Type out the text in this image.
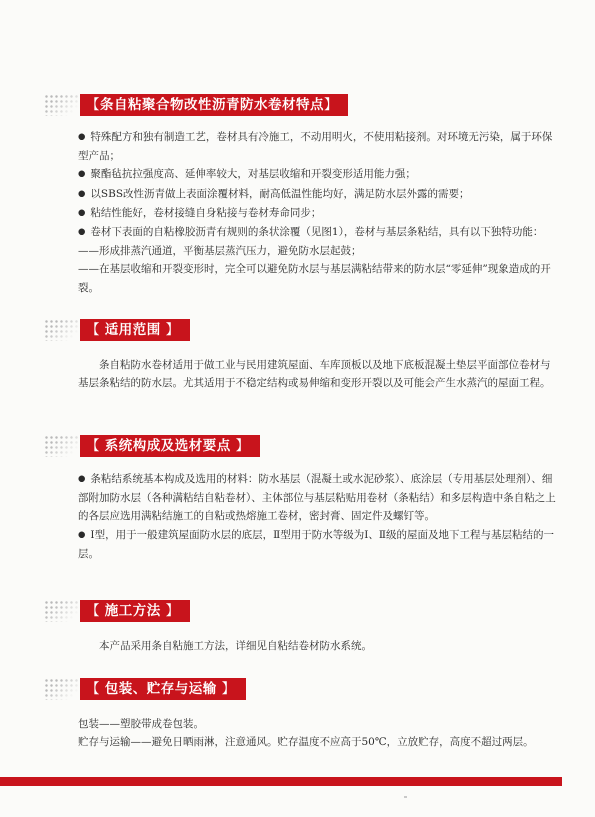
【条自粘聚合物改性沥青防水卷材特点】

● 特殊配方和独有制造工艺，卷材具有冷施工，不动用明火，不使用粘接剂。对环境无污染，属于环保型产品；

● 聚酯毡抗拉强度高、延伸率较大，对基层收缩和开裂变形适用能力强；

● 以SBS改性沥青做上表面涂覆材料，耐高低温性能均好，满足防水层外露的需要；

● 粘结性能好，卷材接缝自身粘接与卷材寿命同步；

● 卷材下表面的自粘橡胶沥青有规则的条状涂覆（见图1），卷材与基层条粘结，具有以下独特功能：

——形成排蒸汽通道，平衡基层蒸汽压力，避免防水层起鼓；

——在基层收缩和开裂变形时，完全可以避免防水层与基层满粘结带来的防水层“零延伸”现象造成的开裂。

【 适用范围 】

条自粘防水卷材适用于做工业与民用建筑屋面、车库顶板以及地下底板混凝土垫层平面部位卷材与基层条粘结的防水层。尤其适用于不稳定结构或易伸缩和变形开裂以及可能会产生水蒸汽的屋面工程。

【 系统构成及选材要点 】

● 条粘结系统基本构成及选用的材料：防水基层（混凝土或水泥砂浆）、底涂层（专用基层处理剂）、细部附加防水层（各种满粘结自粘卷材）、主体部位与基层粘贴用卷材（条粘结）和多层构造中条自粘之上的各层应选用满粘结施工的自粘或热熔施工卷材，密封膏、固定件及螺钉等。

● Ⅰ型，用于一般建筑屋面防水层的底层，Ⅱ型用于防水等级为Ⅰ、Ⅱ级的屋面及地下工程与基层粘结的一层。

【 施工方法 】

本产品采用条自粘施工方法，详细见自粘结卷材防水系统。

【 包装、贮存与运输 】

包装——塑胶带成卷包装。

贮存与运输——避免日晒雨淋，注意通风。贮存温度不应高于50℃，立放贮存，高度不超过两层。
